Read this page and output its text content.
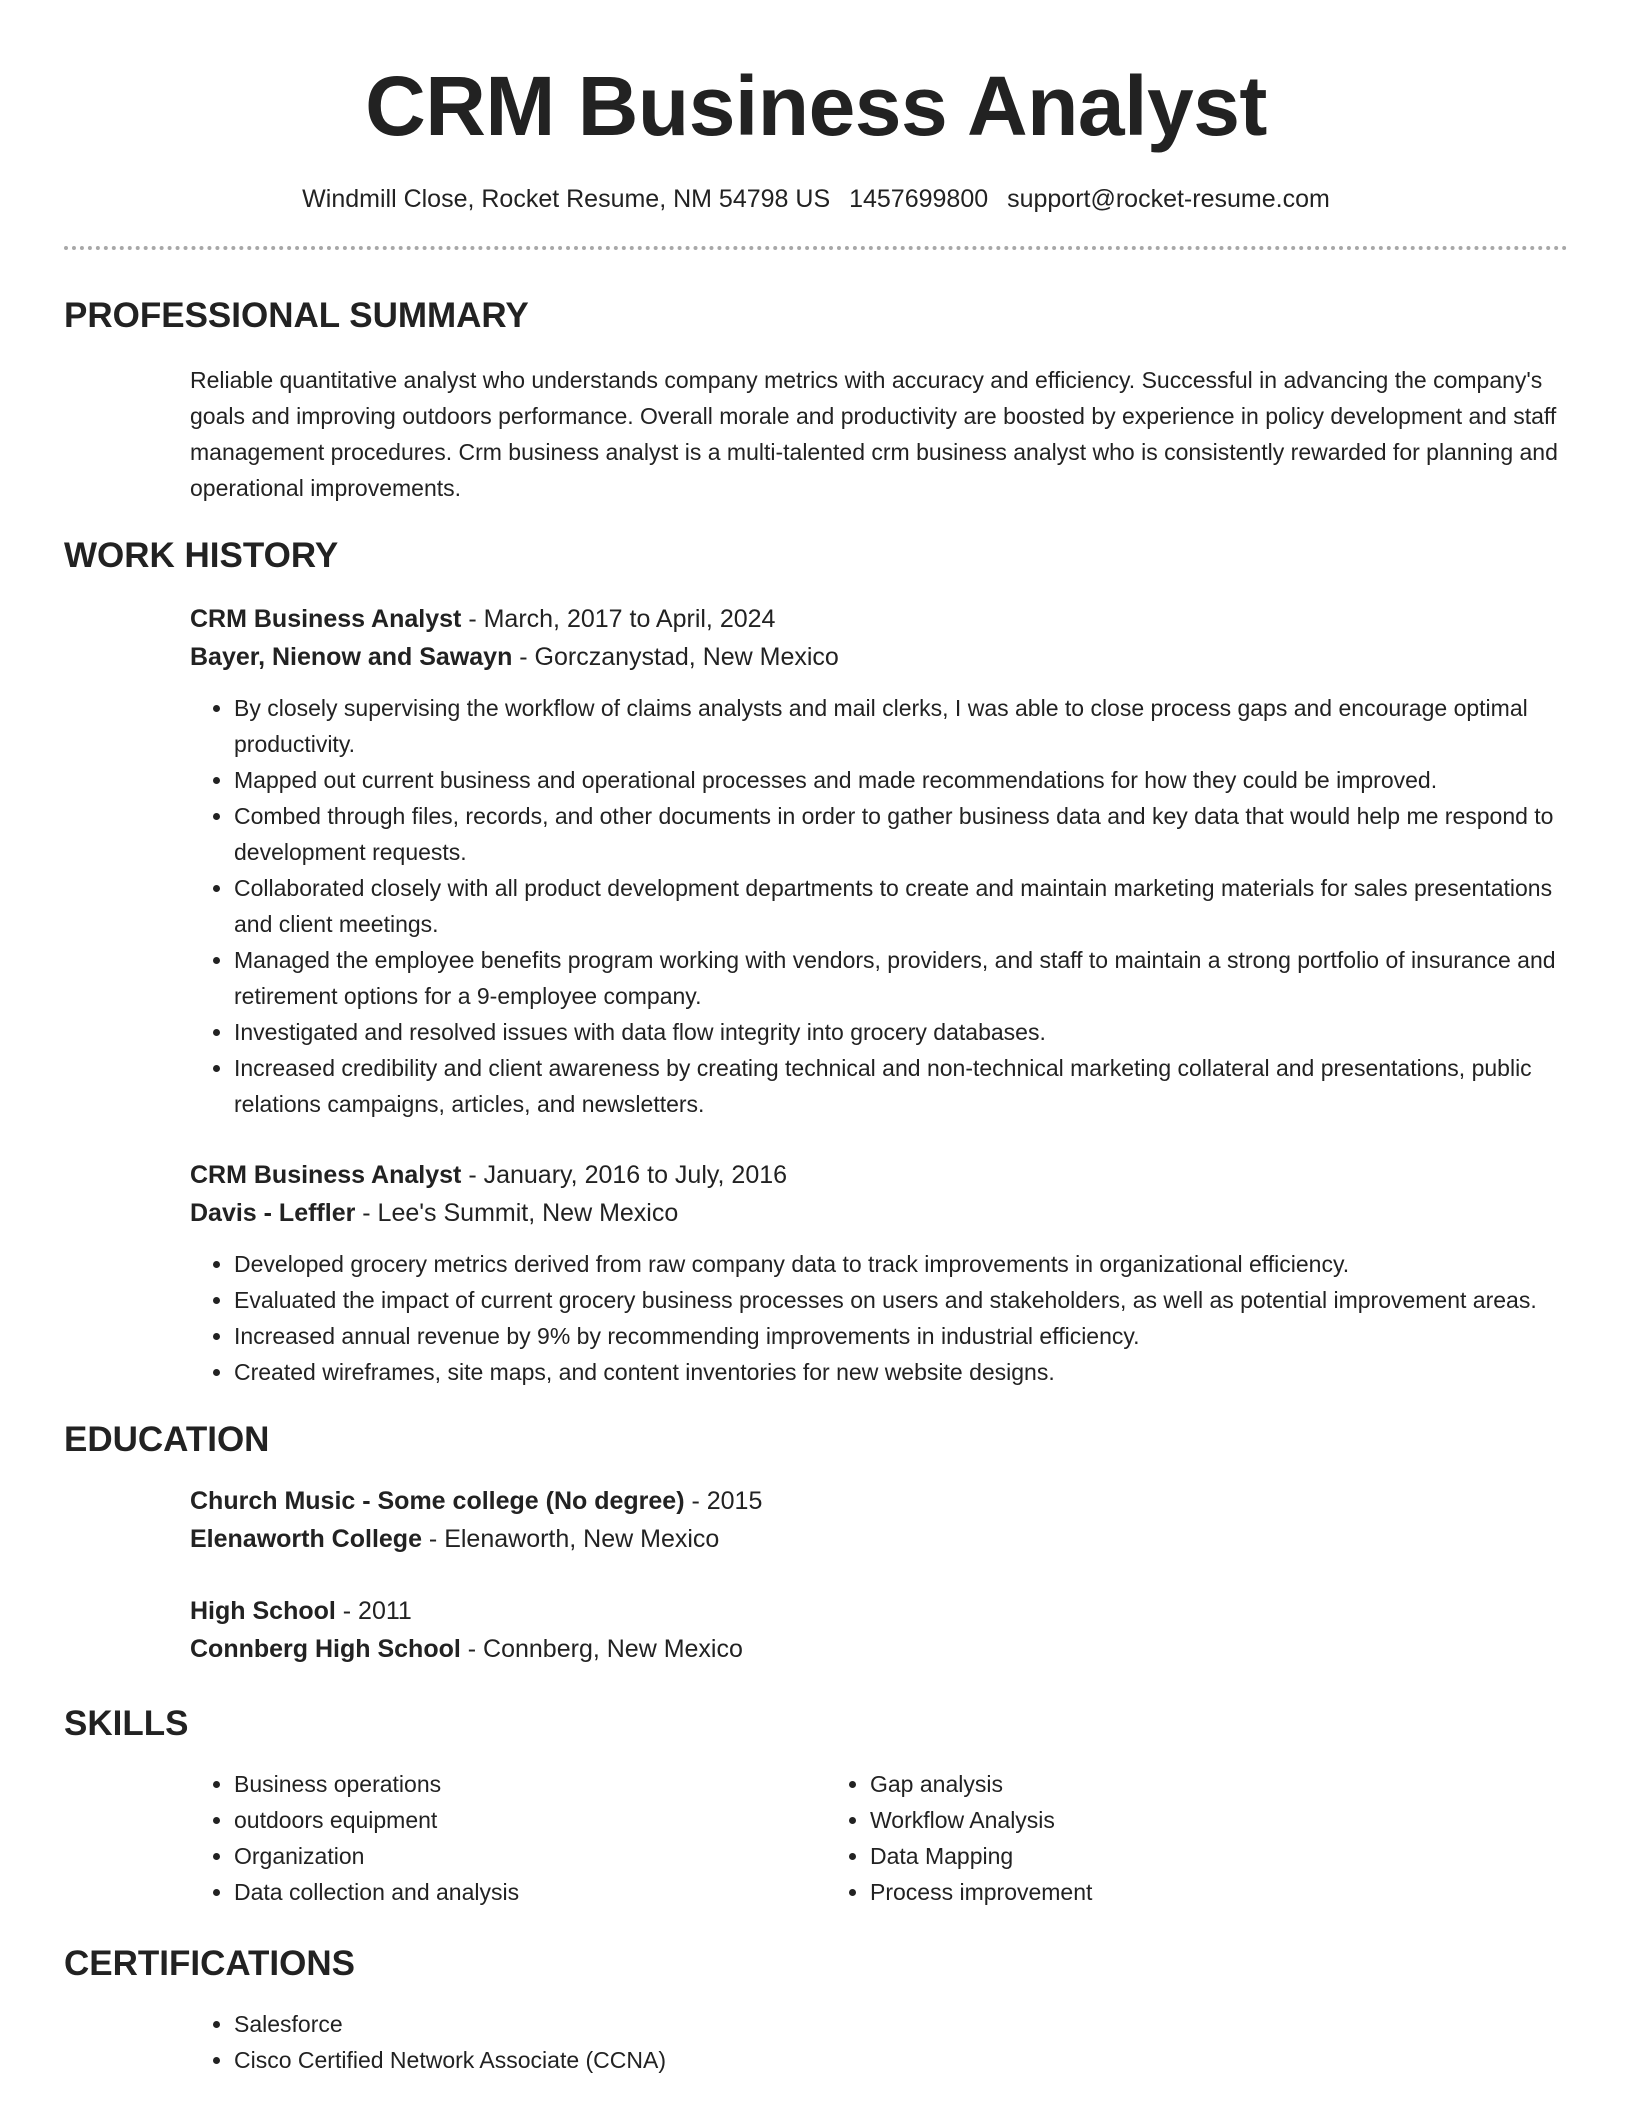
CRM Business Analyst
Windmill Close, Rocket Resume, NM 54798 US 1457699800 support@rocket-resume.com
PROFESSIONAL SUMMARY

Reliable quantitative analyst who understands company metrics with accuracy and efficiency. Successful in advancing the company's goals and improving outdoors performance. Overall morale and productivity are boosted by experience in policy development and staff management procedures. Crm business analyst is a multi-talented crm business analyst who is consistently rewarded for planning and operational improvements.

WORK HISTORY
CRM Business Analyst - March, 2017 to April, 2024
Bayer, Nienow and Sawayn - Gorczanystad, New Mexico
• By closely supervising the workflow of claims analysts and mail clerks, I was able to close process gaps and encourage optimal productivity.
• Mapped out current business and operational processes and made recommendations for how they could be improved.
• Combed through files, records, and other documents in order to gather business data and key data that would help me respond to development requests.
• Collaborated closely with all product development departments to create and maintain marketing materials for sales presentations and client meetings.
• Managed the employee benefits program working with vendors, providers, and staff to maintain a strong portfolio of insurance and retirement options for a 9-employee company.
• Investigated and resolved issues with data flow integrity into grocery databases.
• Increased credibility and client awareness by creating technical and non-technical marketing collateral and presentations, public relations campaigns, articles, and newsletters.
CRM Business Analyst - January, 2016 to July, 2016
Davis - Leffler - Lee's Summit, New Mexico
• Developed grocery metrics derived from raw company data to track improvements in organizational efficiency.
• Evaluated the impact of current grocery business processes on users and stakeholders, as well as potential improvement areas.
• Increased annual revenue by 9% by recommending improvements in industrial efficiency.
• Created wireframes, site maps, and content inventories for new website designs.
EDUCATION
Church Music - Some college (No degree) - 2015
Elenaworth College - Elenaworth, New Mexico
High School - 2011
Connberg High School - Connberg, New Mexico
SKILLS
• Business operations
• outdoors equipment
• Organization
• Data collection and analysis
• Gap analysis
• Workflow Analysis
• Data Mapping
• Process improvement
CERTIFICATIONS
• Salesforce
• Cisco Certified Network Associate (CCNA)
